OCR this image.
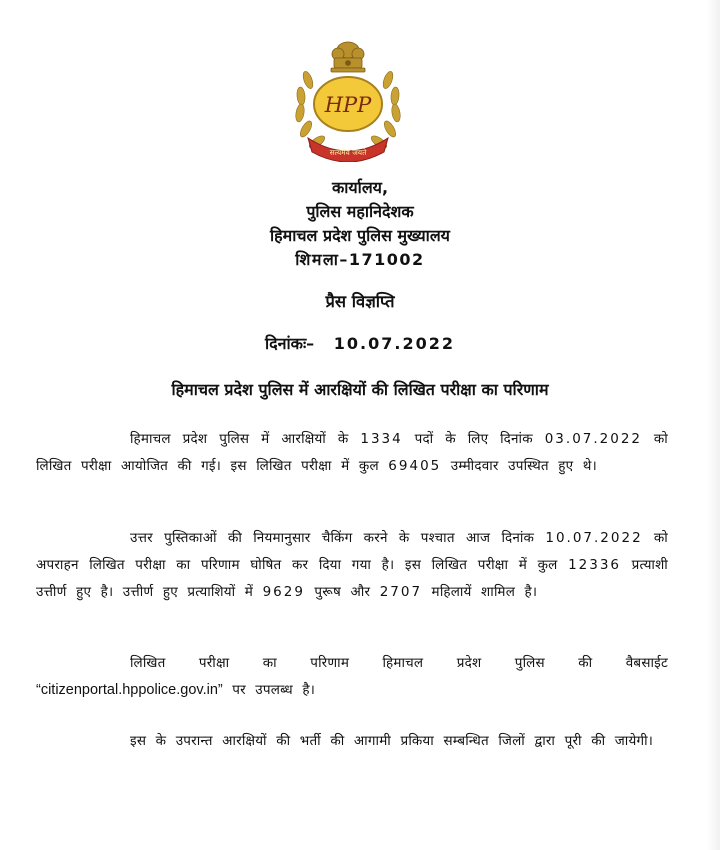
HPP
सत्यमेव जयते
कार्यालय,
पुलिस महानिदेशक
हिमाचल प्रदेश पुलिस मुख्यालय
शिमला–171002
प्रैस विज्ञप्ति
दिनांकः– 10.07.2022
हिमाचल प्रदेश पुलिस में आरक्षियों की लिखित परीक्षा का परिणाम
हिमाचल प्रदेश पुलिस में आरक्षियों के 1334 पदों के लिए दिनांक 03.07.2022 को लिखित परीक्षा आयोजित की गई। इस लिखित परीक्षा में कुल 69405 उम्मीदवार उपस्थित हुए थे।
उत्तर पुस्तिकाओं की नियमानुसार चैकिंग करने के पश्चात आज दिनांक 10.07.2022 को अपराहन लिखित परीक्षा का परिणाम घोषित कर दिया गया है। इस लिखित परीक्षा में कुल 12336 प्रत्याशी उत्तीर्ण हुए है। उत्तीर्ण हुए प्रत्याशियों में 9629 पुरूष और 2707 महिलायें शामिल है।
लिखित परीक्षा का परिणाम हिमाचल प्रदेश पुलिस की वैबसाईट “citizenportal.hppolice.gov.in” पर उपलब्ध है।
इस के उपरान्त आरक्षियों की भर्ती की आगामी प्रकिया सम्बन्धित जिलों द्वारा पूरी की जायेगी।
